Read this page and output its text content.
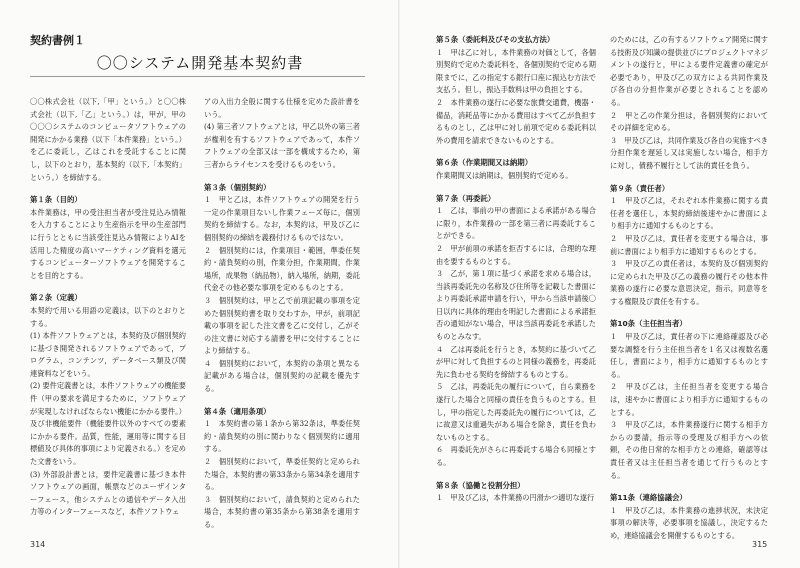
契約書例１
〇〇システム開発基本契約書

〇〇株式会社（以下,「甲」という。）と〇〇株式会社（以下,「乙」という。）は，甲が，甲の〇〇〇システムのコンピュータソフトウェアの開発にかかる業務（以下「本件業務」という。）を乙に委託し，乙はこれを受託することに関し，以下のとおり，基本契約（以下,「本契約」という。）を締結する。

第１条（目的）

本件業務は，甲の受注担当者が受注見込み情報を入力することにより生産指示を甲の生産部門に行うとともに当該受注見込み情報によりAIを活用した精度の高いマーケティング資料を選元するコンピューターソフトウェアを開発することを目的とする。

第２条（定義）

本契約で用いる用語の定義は，以下のとおりとする。

(1) 本件ソフトウェアとは，本契約及び個別契約に基づき開発されるソフトウェアであって，プログラム，コンテンツ，データベース類及び関連資料などをいう。

(2) 要件定義書とは，本件ソフトウェアの機能要件（甲の要求を満足するために，ソフトウェアが実現しなければならない機能にかかる要件。）及び非機能要件（機能要件以外のすべての要素にかかる要件。品質，性能，運用等に関する目標値及び具体的事項により定義される。）を定めた文書をいう。

(3) 外部設計書とは，要件定義書に基づき本件ソフトウェアの画面，帳票などのユーザインターフェース，他システムとの通信やデータ入出力等のインターフェースなど，本件ソフトウェ

アの入出力全般に関する仕様を定めた設計書をいう。

(4) 第三者ソフトウェアとは，甲乙以外の第三者が権利を有するソフトウェアであって，本件ソフトウェアの全部又は一部を構成するため，第三者からライセンスを受けるものをいう。

第３条（個別契約）

１　甲と乙は，本件ソフトウェアの開発を行う一定の作業項目ないし作業フェーズ毎に，個別契約を締結する。なお，本契約は，甲及び乙に個別契約の締結を義務付けるものではない。

２　個別契約には，作業項目・範囲，準委任契約・請負契約の別，作業分担，作業期間，作業場所，成果物（納品物），納入場所，納期，委託代金その他必要な事項を定めるものとする。

３　個別契約は，甲と乙で前項記載の事項を定めた個別契約書を取り交わすか，甲が，前項記載の事項を記した注文書を乙に交付し，乙がその注文書に対応する請書を甲に交付することにより締結する。

４　個別契約において，本契約の条項と異なる記載がある場合は，個別契約の記載を優先する。

第４条（適用条項）

１　本契約書の第１条から第32条は，準委任契約・請負契約の別に関わりなく個別契約に適用する。

２　個別契約において，準委任契約と定められた場合，本契約書の第33条から第34条を適用する。

３　個別契約において，請負契約と定められた場合，本契約書の第35条から第38条を適用する。

314

第５条（委託料及びその支払方法）

１　甲は乙に対し，本件業務の対価として，各個別契約で定めた委託料を，各個別契約で定める期限までに，乙の指定する銀行口座に振込む方法で支払う。但し，振込手数料は甲の負担とする。

２　本件業務の遂行に必要な旅費交通費，機器・備品，消耗品等にかかる費用はすべて乙が負担するものとし，乙は甲に対し前項で定める委託料以外の費用を請求できないものとする。

第６条（作業期間又は納期）

作業期間又は納期は，個別契約で定める。

第７条（再委託）

１　乙は，事前の甲の書面による承諾がある場合に限り，本件業務の一部を第三者に再委託することができる。

２　甲が前項の承諾を拒否するには，合理的な理由を要するものとする。

３　乙が，第１項に基づく承諾を求める場合は，当該再委託先の名称及び住所等を記載した書面により再委託承諾申請を行い，甲から当該申請後〇日以内に具体的理由を明記した書面による承諾拒否の通知がない場合，甲は当該再委託を承諾したものとみなす。

４　乙は再委託を行うとき，本契約に基づいて乙が甲に対して負担するのと同様の義務を，再委託先に負わせる契約を締結するものとする。

５　乙は，再委託先の履行について，自ら業務を遂行した場合と同様の責任を負うものとする。但し，甲の指定した再委託先の履行については，乙に故意又は重過失がある場合を除き，責任を負わないものとする。

６　再委託先がさらに再委託する場合も同様とする。

第８条（協働と役割分担）

１　甲及び乙は，本件業務の円滑かつ適切な遂行

のためには，乙の有するソフトウェア開発に関する技術及び知識の提供並びにプロジェクトマネジメントの遂行と，甲による要件定義書の確定が必要であり，甲及び乙の双方による共同作業及び各自の分担作業が必要とされることを認める。

２　甲と乙の作業分担は，各個別契約においてその詳細を定める。

３　甲及び乙は，共同作業及び各自の実施すべき分担作業を遅延し又は実施しない場合，相手方に対し，債務不履行として法的責任を負う。

第９条（責任者）

１　甲及び乙は，それぞれ本件業務に関する責任者を選任し，本契約締結後速やかに書面により相手方に通知するものとする。

２　甲及び乙は，責任者を変更する場合は，事前に書面により相手方に通知するものとする。

３　甲及び乙の責任者は，本契約及び個別契約に定められた甲及び乙の義務の履行その他本件業務の遂行に必要な意思決定，指示，同意等をする権限及び責任を有する。

第10条（主任担当者）

１　甲及び乙は，責任者の下に連絡確認及び必要な調整を行う主任担当者を１名又は複数名選任し，書面により，相手方に通知するものとする。

２　甲及び乙は，主任担当者を変更する場合は，速やかに書面により相手方に通知するものとする。

３　甲及び乙は，本件業務遂行に関する相手方からの要請，指示等の受理及び相手方への依頼，その他日常的な相手方との連絡，確認等は責任者又は主任担当者を通じて行うものとする。

第11条（連絡協議会）

１　甲及び乙は，本件業務の進捗状況，未決定事項の解決等，必要事項を協議し，決定するため，連絡協議会を開催するものとする。

315
